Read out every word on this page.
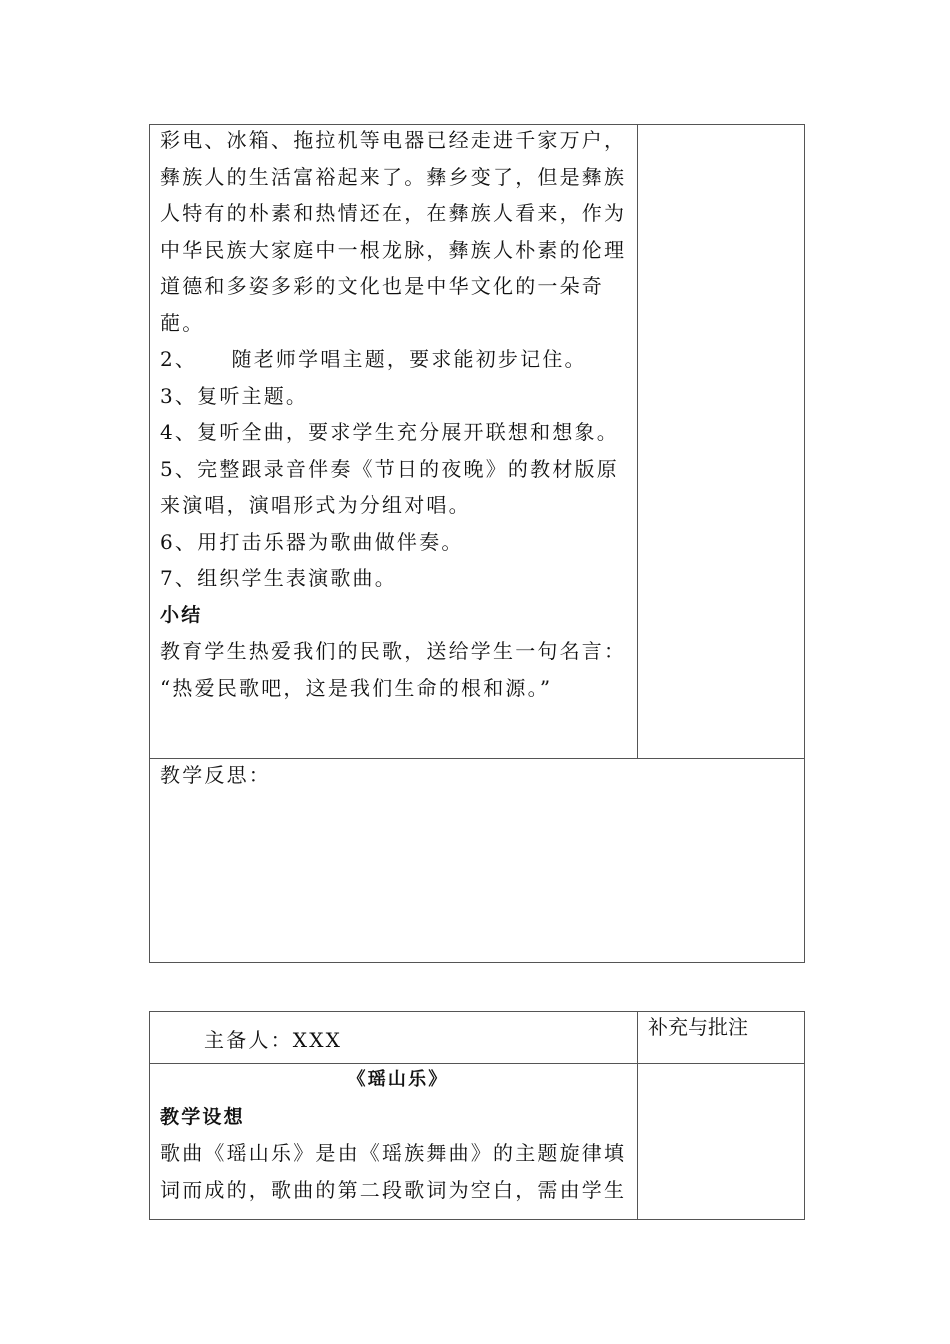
彩电、冰箱、拖拉机等电器已经走进千家万户，
彝族人的生活富裕起来了。彝乡变了，但是彝族
人特有的朴素和热情还在，在彝族人看来，作为
中华民族大家庭中一根龙脉，彝族人朴素的伦理
道德和多姿多彩的文化也是中华文化的一朵奇
葩。
2、　　随老师学唱主题，要求能初步记住。
3、复听主题。
4、复听全曲，要求学生充分展开联想和想象。
5、完整跟录音伴奏《节日的夜晚》的教材版原
来演唱，演唱形式为分组对唱。
6、用打击乐器为歌曲做伴奏。
7、组织学生表演歌曲。
小结
教育学生热爱我们的民歌，送给学生一句名言：
“热爱民歌吧，这是我们生命的根和源。”
教学反思：
主备人：XXX
补充与批注
《瑶山乐》
教学设想
歌曲《瑶山乐》是由《瑶族舞曲》的主题旋律填
词而成的，歌曲的第二段歌词为空白，需由学生
